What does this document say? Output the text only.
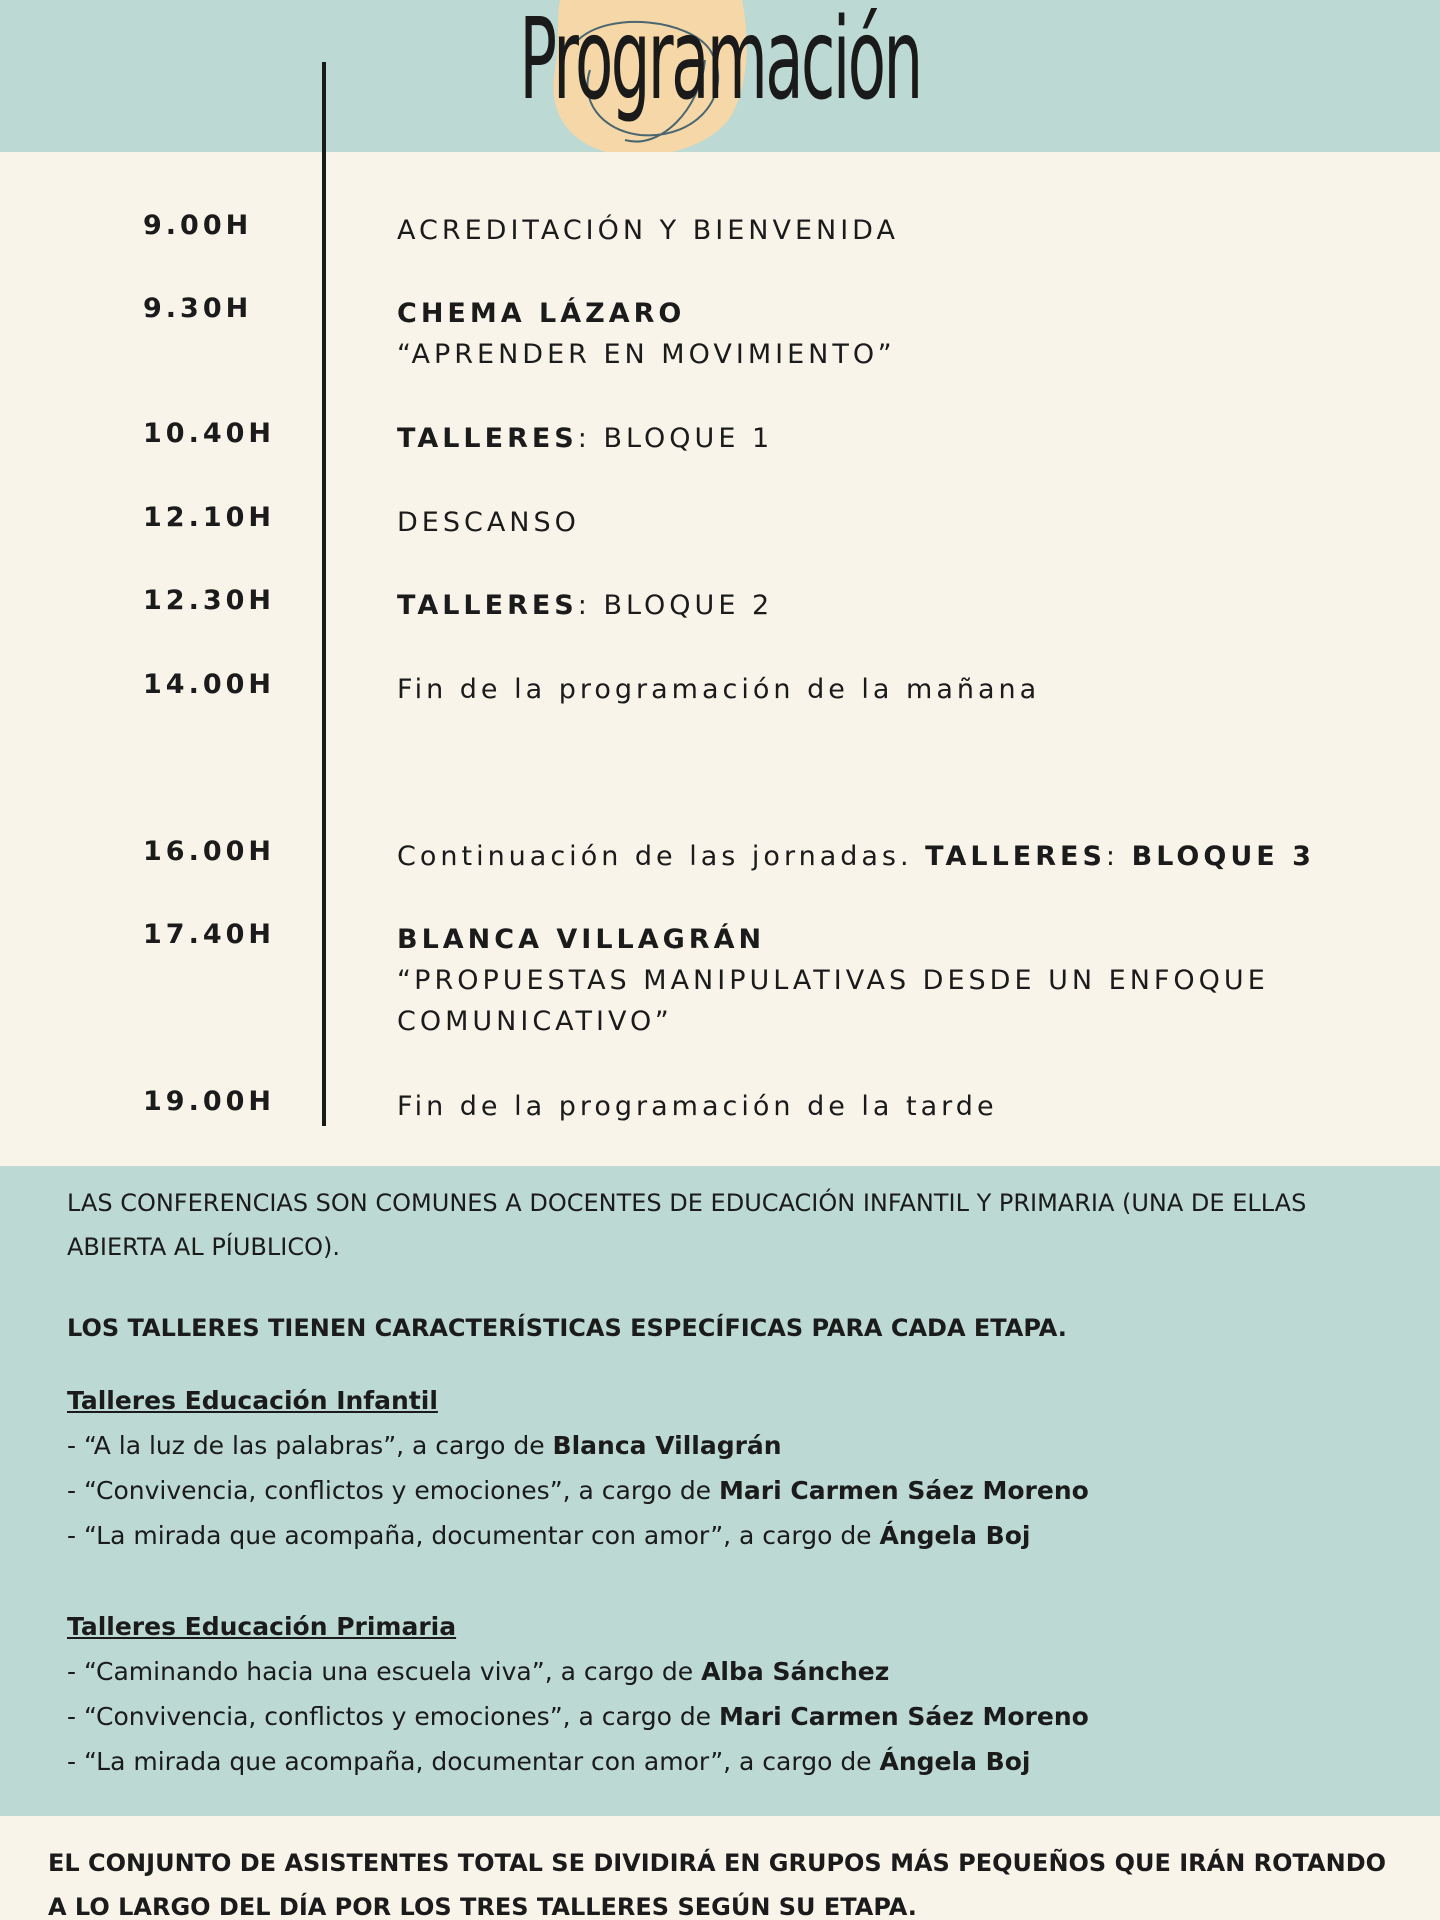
Programación
9.00H	ACREDITACIÓN Y BIENVENIDA
9.30H	CHEMA LÁZARO
“APRENDER EN MOVIMIENTO”
10.40H	TALLERES: BLOQUE 1
12.10H	DESCANSO
12.30H	TALLERES: BLOQUE 2
14.00H	Fin de la programación de la mañana
16.00H	Continuación de las jornadas. TALLERES: BLOQUE 3
17.40H	BLANCA VILLAGRÁN
“PROPUESTAS MANIPULATIVAS DESDE UN ENFOQUE
COMUNICATIVO”
19.00H	Fin de la programación de la tarde
LAS CONFERENCIAS SON COMUNES A DOCENTES DE EDUCACIÓN INFANTIL Y PRIMARIA (UNA DE ELLAS ABIERTA AL PÍUBLICO).
LOS TALLERES TIENEN CARACTERÍSTICAS ESPECÍFICAS PARA CADA ETAPA.
Talleres Educación Infantil
- “A la luz de las palabras”, a cargo de Blanca Villagrán
- “Convivencia, conflictos y emociones”, a cargo de Mari Carmen Sáez Moreno
- “La mirada que acompaña, documentar con amor”, a cargo de Ángela Boj
Talleres Educación Primaria
- “Caminando hacia una escuela viva”, a cargo de Alba Sánchez
- “Convivencia, conflictos y emociones”, a cargo de Mari Carmen Sáez Moreno
- “La mirada que acompaña, documentar con amor”, a cargo de Ángela Boj
EL CONJUNTO DE ASISTENTES TOTAL SE DIVIDIRÁ EN GRUPOS MÁS PEQUEÑOS QUE IRÁN ROTANDO A LO LARGO DEL DÍA POR LOS TRES TALLERES SEGÚN SU ETAPA.
